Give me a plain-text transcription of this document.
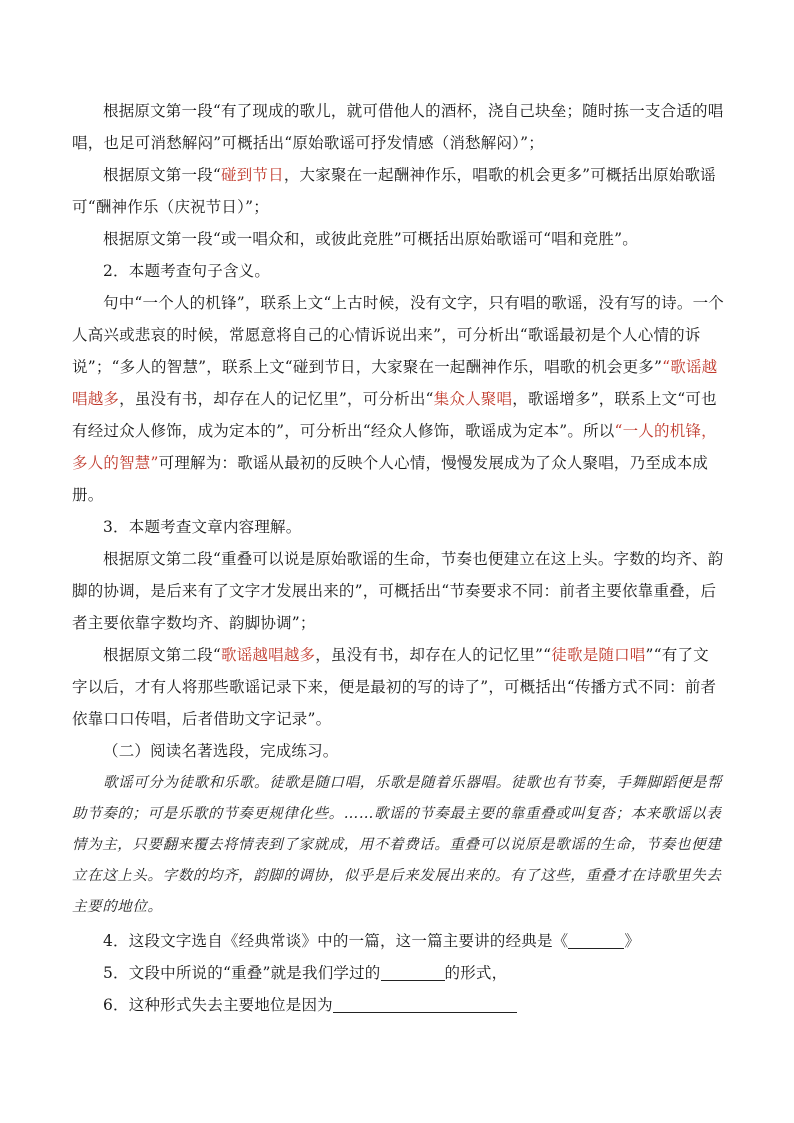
根据原文第一段“有了现成的歌儿，就可借他人的酒杯，浇自己块垒；随时拣一支合适的唱唱，也足可消愁解闷”可概括出“原始歌谣可抒发情感（消愁解闷）”；
根据原文第一段“碰到节日，大家聚在一起酬神作乐，唱歌的机会更多”可概括出原始歌谣可“酬神作乐（庆祝节日）”；
根据原文第一段“或一唱众和，或彼此竞胜”可概括出原始歌谣可“唱和竞胜”。
2．本题考查句子含义。
句中“一个人的机锋”，联系上文“上古时候，没有文字，只有唱的歌谣，没有写的诗。一个人高兴或悲哀的时候，常愿意将自己的心情诉说出来”，可分析出“歌谣最初是个人心情的诉说”；“多人的智慧”，联系上文“碰到节日，大家聚在一起酬神作乐，唱歌的机会更多”“歌谣越唱越多，虽没有书，却存在人的记忆里”，可分析出“集众人聚唱，歌谣增多”，联系上文“可也有经过众人修饰，成为定本的”，可分析出“经众人修饰，歌谣成为定本”。所以“一人的机锋，多人的智慧”可理解为：歌谣从最初的反映个人心情，慢慢发展成为了众人聚唱，乃至成本成册。
3．本题考查文章内容理解。
根据原文第二段“重叠可以说是原始歌谣的生命，节奏也便建立在这上头。字数的均齐、韵脚的协调，是后来有了文字才发展出来的”，可概括出“节奏要求不同：前者主要依靠重叠，后者主要依靠字数均齐、韵脚协调”；
根据原文第二段“歌谣越唱越多，虽没有书，却存在人的记忆里”“徒歌是随口唱”“有了文字以后，才有人将那些歌谣记录下来，便是最初的写的诗了”，可概括出“传播方式不同：前者依靠口口传唱，后者借助文字记录”。
（二）阅读名著选段，完成练习。
歌谣可分为徒歌和乐歌。徒歌是随口唱，乐歌是随着乐器唱。徒歌也有节奏，手舞脚蹈便是帮助节奏的；可是乐歌的节奏更规律化些。……歌谣的节奏最主要的靠重叠或叫复沓；本来歌谣以表情为主，只要翻来覆去将情表到了家就成，用不着费话。重叠可以说原是歌谣的生命，节奏也便建立在这上头。字数的均齐，韵脚的调协，似乎是后来发展出来的。有了这些，重叠才在诗歌里失去主要的地位。
4．这段文字选自《经典常谈》中的一篇，这一篇主要讲的经典是《	》
5．文段中所说的“重叠”就是我们学过的	的形式，
6．这种形式失去主要地位是因为
